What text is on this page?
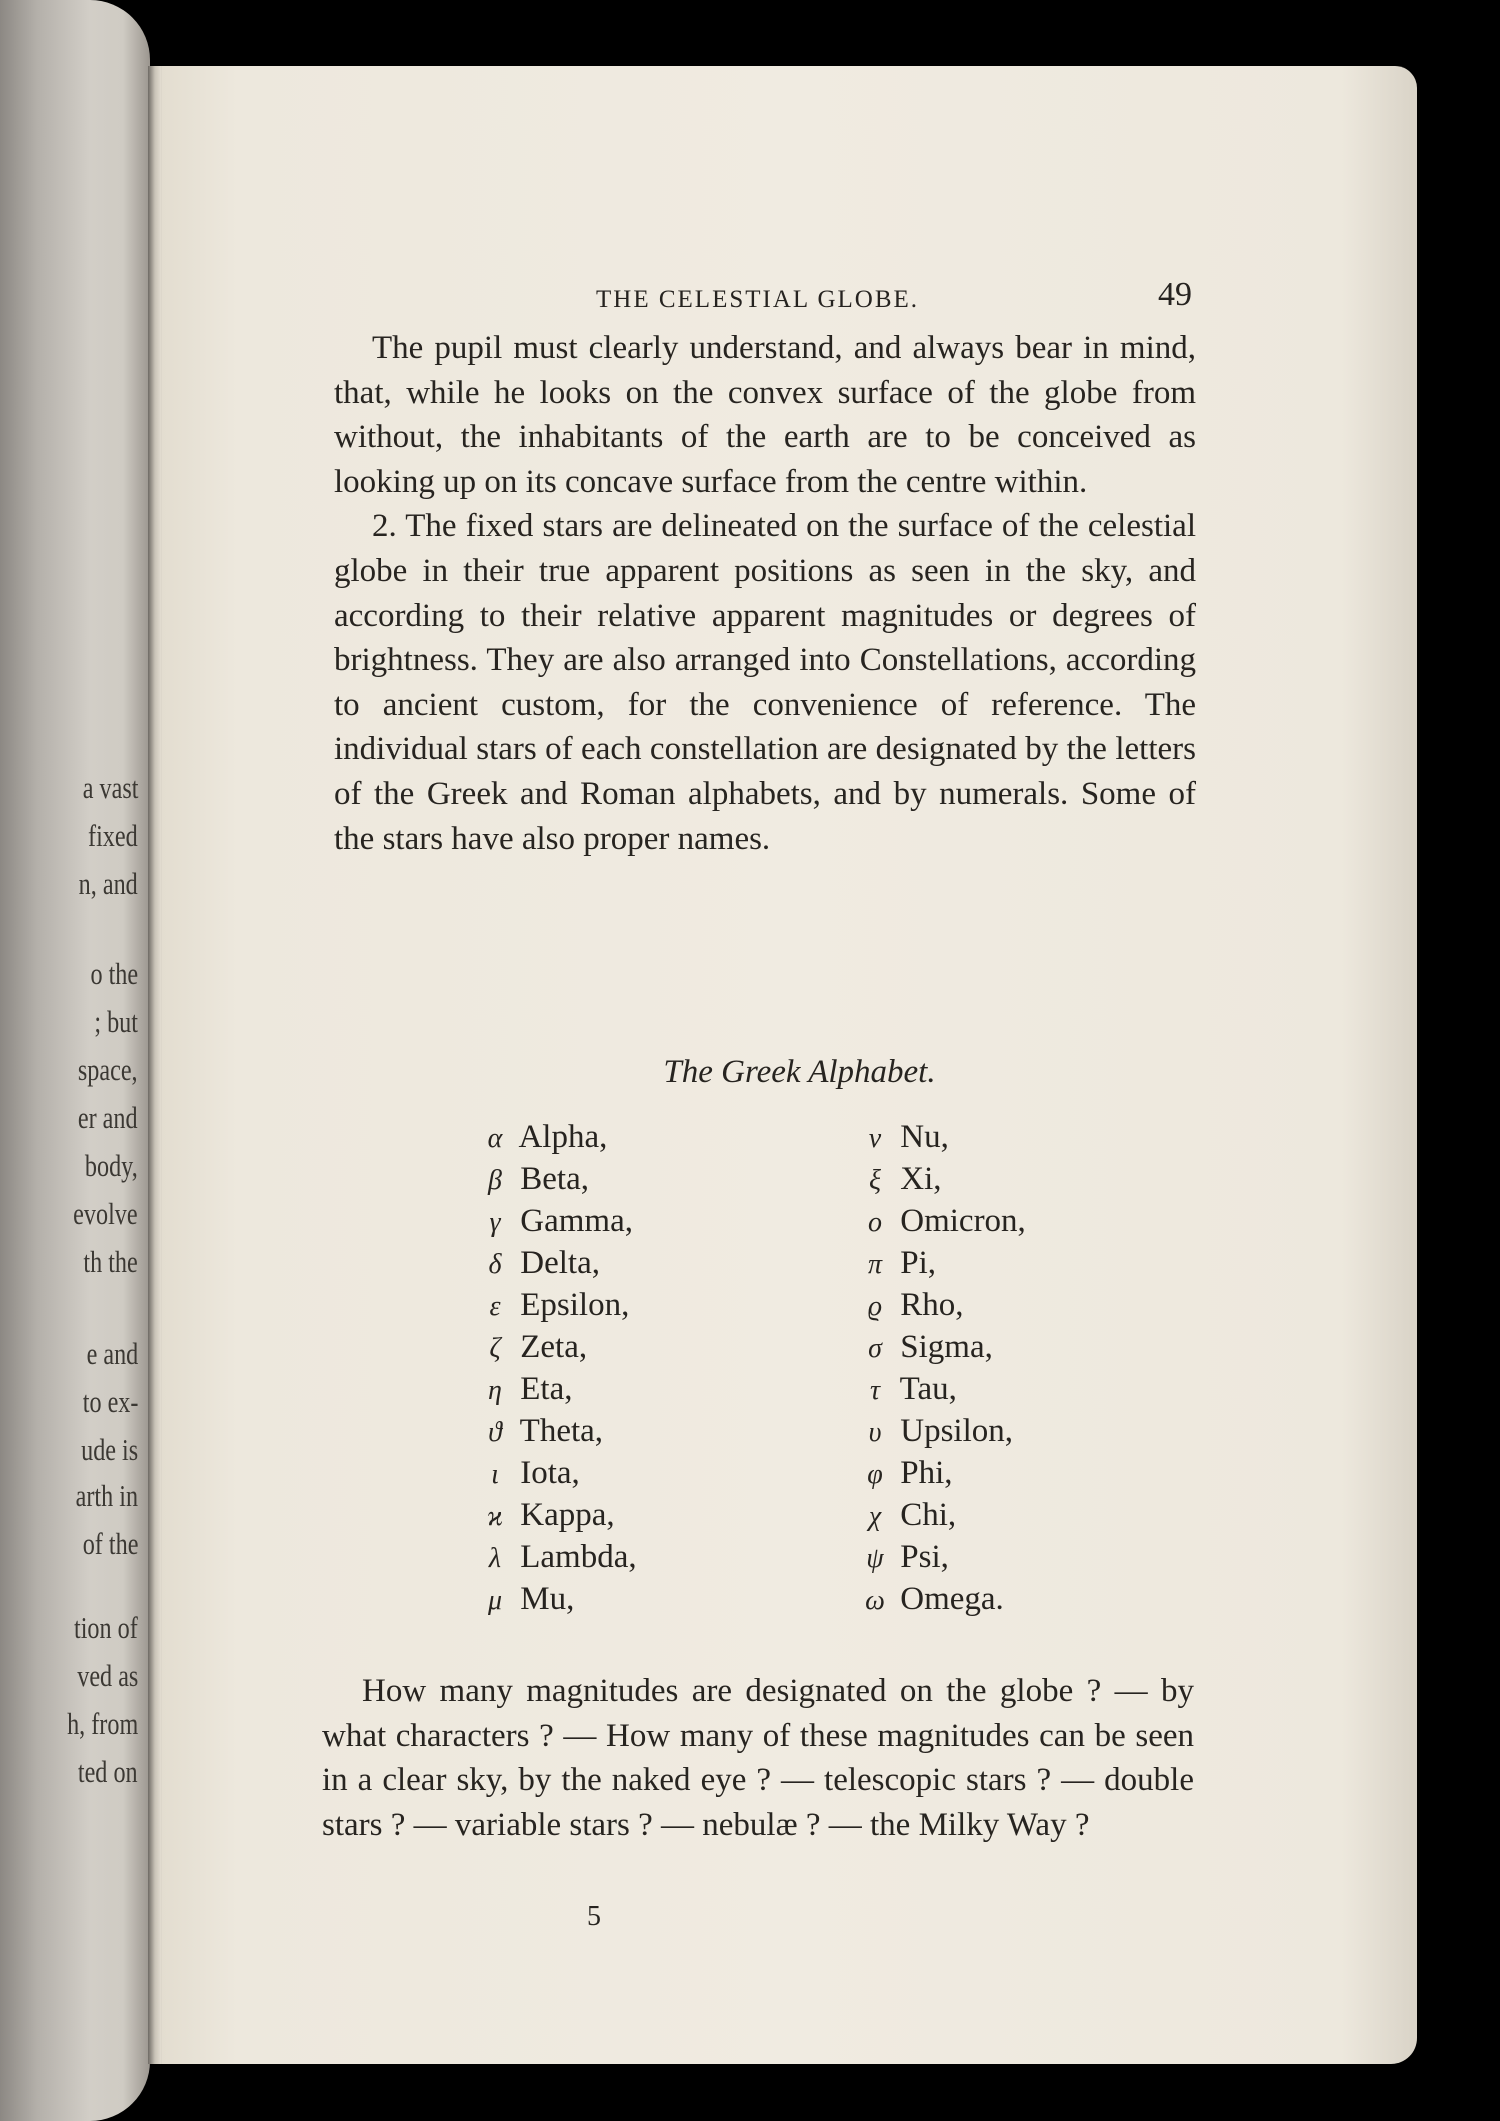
a vast
fixed
n, and
o the
; but
space,
er and
body,
evolve
th the
e and
to ex-
ude is
arth in
of the
tion of
ved as
h, from
ted on
THE CELESTIAL GLOBE.	49

The pupil must clearly understand, and always bear in mind, that, while he looks on the convex surface of the globe from without, the inhabitants of the earth are to be conceived as looking up on its concave surface from the centre within.

2. The fixed stars are delineated on the surface of the celestial globe in their true apparent positions as seen in the sky, and according to their relative apparent magnitudes or degrees of brightness. They are also arranged into Constellations, according to ancient custom, for the convenience of reference. The individual stars of each constellation are designated by the letters of the Greek and Roman alphabets, and by numerals. Some of the stars have also proper names.

The Greek Alphabet.
α Alpha,
β Beta,
γ Gamma,
δ Delta,
ε Epsilon,
ζ Zeta,
η Eta,
ϑ Theta,
ι Iota,
ϰ Kappa,
λ Lambda,
μ Mu,
ν Nu,
ξ Xi,
ο Omicron,
π Pi,
ϱ Rho,
σ Sigma,
τ Tau,
υ Upsilon,
φ Phi,
χ Chi,
ψ Psi,
ω Omega.

How many magnitudes are designated on the globe ? — by what characters ? — How many of these magnitudes can be seen in a clear sky, by the naked eye ? — telescopic stars ? — double stars ? — variable stars ? — nebulæ ? — the Milky Way ?

5
